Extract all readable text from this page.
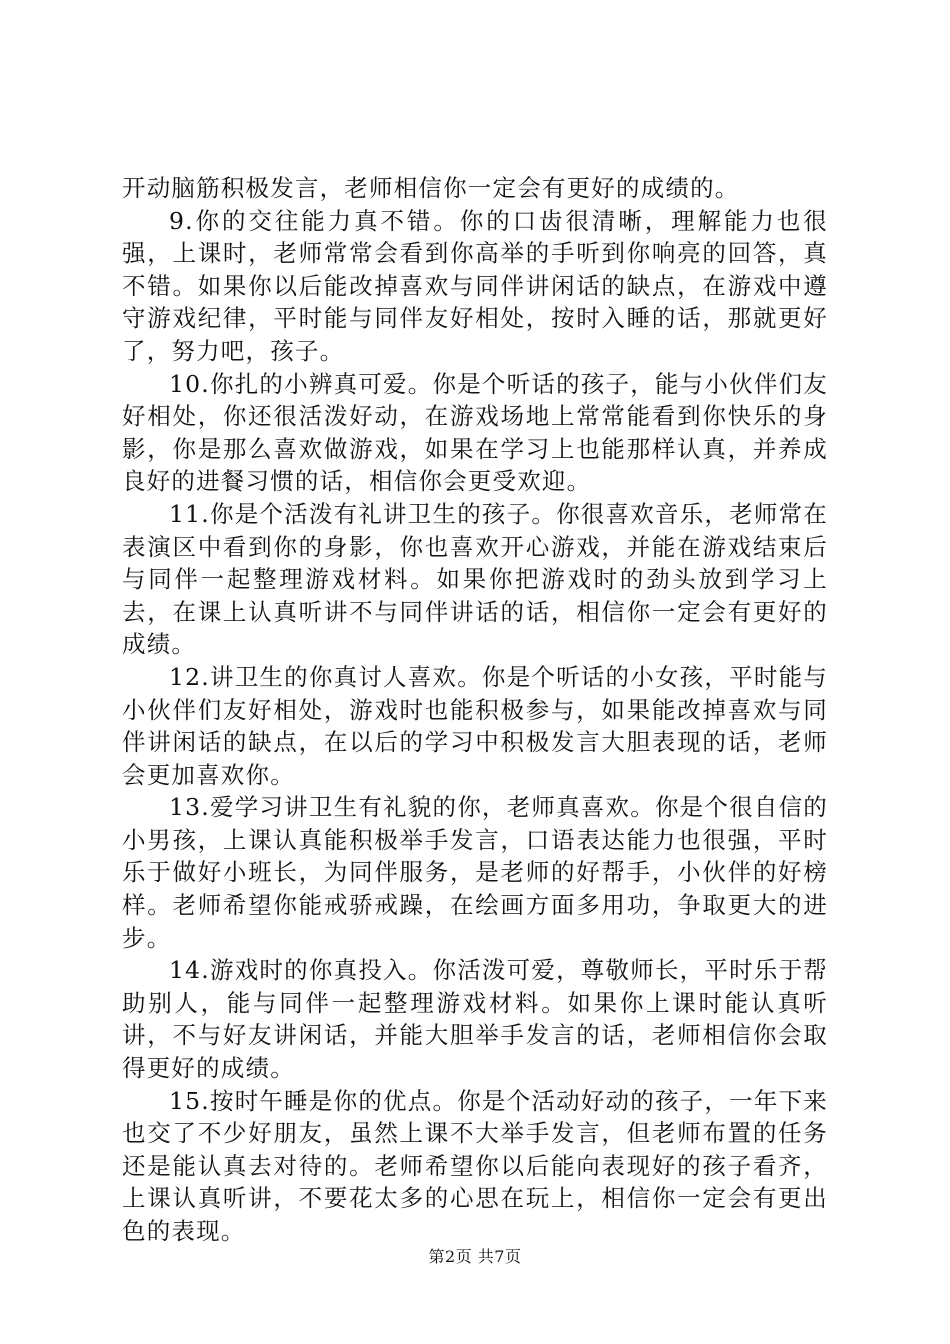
开动脑筋积极发言，老师相信你一定会有更好的成绩的。

9.你的交往能力真不错。你的口齿很清晰，理解能力也很强，上课时，老师常常会看到你高举的手听到你响亮的回答，真不错。如果你以后能改掉喜欢与同伴讲闲话的缺点，在游戏中遵守游戏纪律，平时能与同伴友好相处，按时入睡的话，那就更好了，努力吧，孩子。

10.你扎的小辨真可爱。你是个听话的孩子，能与小伙伴们友好相处，你还很活泼好动，在游戏场地上常常能看到你快乐的身影，你是那么喜欢做游戏，如果在学习上也能那样认真，并养成良好的进餐习惯的话，相信你会更受欢迎。

11.你是个活泼有礼讲卫生的孩子。你很喜欢音乐，老师常在表演区中看到你的身影，你也喜欢开心游戏，并能在游戏结束后与同伴一起整理游戏材料。如果你把游戏时的劲头放到学习上去，在课上认真听讲不与同伴讲话的话，相信你一定会有更好的成绩。

12.讲卫生的你真讨人喜欢。你是个听话的小女孩，平时能与小伙伴们友好相处，游戏时也能积极参与，如果能改掉喜欢与同伴讲闲话的缺点，在以后的学习中积极发言大胆表现的话，老师会更加喜欢你。

13.爱学习讲卫生有礼貌的你，老师真喜欢。你是个很自信的小男孩，上课认真能积极举手发言，口语表达能力也很强，平时乐于做好小班长，为同伴服务，是老师的好帮手，小伙伴的好榜样。老师希望你能戒骄戒躁，在绘画方面多用功，争取更大的进步。

14.游戏时的你真投入。你活泼可爱，尊敬师长，平时乐于帮助别人，能与同伴一起整理游戏材料。如果你上课时能认真听讲，不与好友讲闲话，并能大胆举手发言的话，老师相信你会取得更好的成绩。

15.按时午睡是你的优点。你是个活动好动的孩子，一年下来也交了不少好朋友，虽然上课不大举手发言，但老师布置的任务还是能认真去对待的。老师希望你以后能向表现好的孩子看齐，上课认真听讲，不要花太多的心思在玩上，相信你一定会有更出色的表现。

第2页 共7页
